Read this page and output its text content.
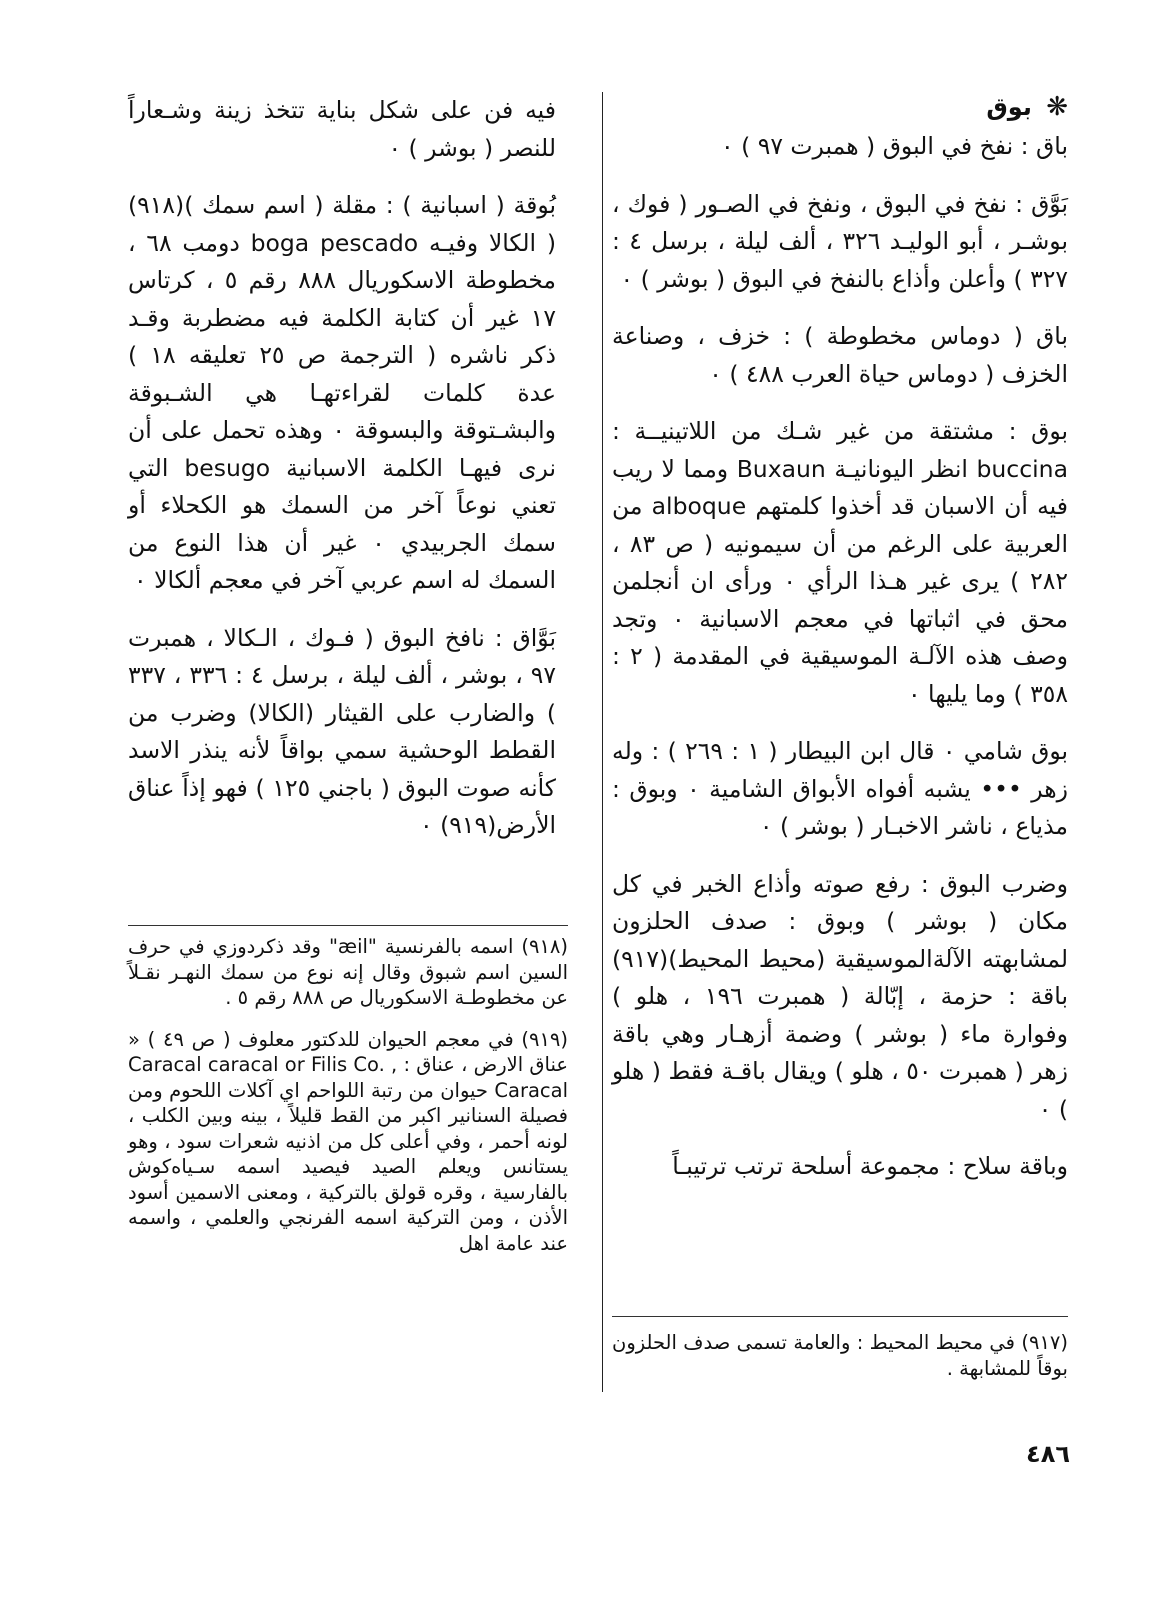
❋ بوق

باق : نفخ في البوق ( همبرت ٩٧ ) ٠

بَوَّق : نفخ في البوق ، ونفخ في الصـور ( فوك ، بوشـر ، أبو الوليـد ٣٢٦ ، ألف ليلة ، برسل ٤ : ٣٢٧ ) وأعلن وأذاع بالنفخ في البوق ( بوشر ) ٠

باق ( دوماس مخطوطة ) : خزف ، وصناعة الخزف ( دوماس حياة العرب ٤٨٨ ) ٠

بوق : مشتقة من غير شـك من اللاتينيــة : buccina انظر اليونانيـة Buxaun ومما لا ريب فيه أن الاسبان قد أخذوا كلمتهم alboque من العربية على الرغم من أن سيمونيه ( ص ٨٣ ، ٢٨٢ ) يرى غير هـذا الرأي ٠ ورأى ان أنجلمن محق في اثباتها في معجم الاسبانية ٠ وتجد وصف هذه الآلـة الموسيقية في المقدمة ( ٢ : ٣٥٨ ) وما يليها ٠

بوق شامي ٠ قال ابن البيطار ( ١ : ٢٦٩ ) : وله زهر ••• يشبه أفواه الأبواق الشامية ٠ وبوق : مذياع ، ناشر الاخبـار ( بوشر ) ٠

وضرب البوق : رفع صوته وأذاع الخبر في كل مكان ( بوشر ) وبوق : صدف الحلزون لمشابهته الآلةالموسيقية (محيط المحيط)(٩١٧) باقة : حزمة ، إبّالة ( همبرت ١٩٦ ، هلو ) وفوارة ماء ( بوشر ) وضمة أزهـار وهي باقة زهر ( همبرت ٥٠ ، هلو ) ويقال باقـة فقط ( هلو ) ٠

وباقة سلاح : مجموعة أسلحة ترتب ترتيبـاً

فيه فن على شكل بناية تتخذ زينة وشـعاراً للنصر ( بوشر ) ٠

بُوقة ( اسبانية ) : مقلة ( اسم سمك )(٩١٨) ( الكالا وفيـه boga pescado دومب ٦٨ ، مخطوطة الاسكوريال ٨٨٨ رقم ٥ ، كرتاس ١٧ غير أن كتابة الكلمة فيه مضطربة وقـد ذكر ناشره ( الترجمة ص ٢٥ تعليقه ١٨ ) عدة كلمات لقراءتهـا هي الشـبوقة والبشـتوقة والبسوقة ٠ وهذه تحمل على أن نرى فيهـا الكلمة الاسبانية besugo التي تعني نوعاً آخر من السمك هو الكحلاء أو سمك الجربيدي ٠ غير أن هذا النوع من السمك له اسم عربي آخر في معجم ألكالا ٠

بَوَّاق : نافخ البوق ( فـوك ، الـكالا ، همبرت ٩٧ ، بوشر ، ألف ليلة ، برسل ٤ : ٣٣٦ ، ٣٣٧ ) والضارب على القيثار (الكالا) وضرب من القطط الوحشية سمي بواقاً لأنه ينذر الاسد كأنه صوت البوق ( باجني ١٢٥ ) فهو إذاً عناق الأرض(٩١٩) ٠

(٩١٨) اسمه بالفرنسية "æil" وقد ذكردوزي في حرف السين اسم شبوق وقال إنه نوع من سمك النهـر نقـلاً عن مخطوطـة الاسكوريال ص ٨٨٨ رقم ٥ .

(٩١٩) في معجم الحيوان للدكتور معلوف ( ص ٤٩ ) « عناق الارض ، عناق : Caracal caracal or Filis Co. , Caracal حيوان من رتبة اللواحم اي آكلات اللحوم ومن فصيلة السنانير اكبر من القط قليلاً ، بينه وبين الكلب ، لونه أحمر ، وفي أعلى كل من اذنيه شعرات سود ، وهو يستانس ويعلم الصيد فيصيد اسمه سـياه‌كوش بالفارسية ، وقره قولق بالتركية ، ومعنى الاسمين أسود الأذن ، ومن التركية اسمه الفرنجي والعلمي ، واسمه عند عامة اهل

(٩١٧) في محيط المحيط : والعامة تسمى صدف الحلزون بوقاً للمشابهة .

٤٨٦
